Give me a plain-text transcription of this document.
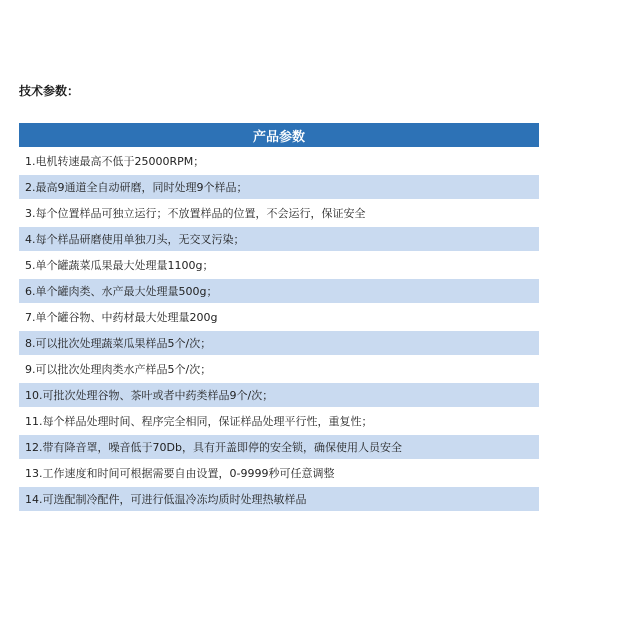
技术参数：
产品参数
1.电机转速最高不低于25000RPM；
2.最高9通道全自动研磨，同时处理9个样品；
3.每个位置样品可独立运行；不放置样品的位置，不会运行，保证安全
4.每个样品研磨使用单独刀头，无交叉污染；
5.单个罐蔬菜瓜果最大处理量1100g；
6.单个罐肉类、水产最大处理量500g；
7.单个罐谷物、中药材最大处理量200g
8.可以批次处理蔬菜瓜果样品5个/次；
9.可以批次处理肉类水产样品5个/次；
10.可批次处理谷物、茶叶或者中药类样品9个/次；
11.每个样品处理时间、程序完全相同，保证样品处理平行性，重复性；
12.带有降音罩，噪音低于70Db，具有开盖即停的安全锁，确保使用人员安全
13.工作速度和时间可根据需要自由设置，0-9999秒可任意调整
14.可选配制冷配件，可进行低温冷冻均质时处理热敏样品
